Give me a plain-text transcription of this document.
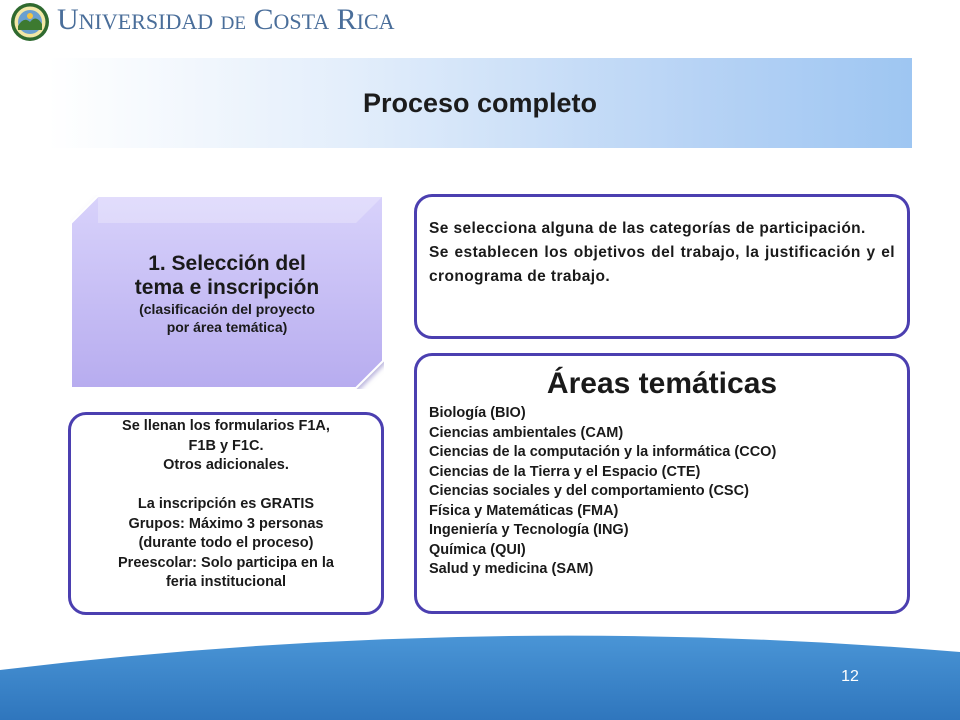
UNIVERSIDAD DE COSTA RICA
Proceso completo
1. Selección del
tema e inscripción
(clasificación del proyecto
por área temática)

Se selecciona alguna de las categorías de participación.

Se establecen los objetivos del trabajo, la justificación y el cronograma de trabajo.

Áreas temáticas
Biología (BIO)
Ciencias ambientales (CAM)
Ciencias de la computación y la informática (CCO)
Ciencias de la Tierra y el Espacio (CTE)
Ciencias sociales y del comportamiento (CSC)
Física y Matemáticas (FMA)
Ingeniería y Tecnología (ING)
Química (QUI)
Salud y medicina (SAM)
Se llenan los formularios F1A,
F1B y F1C.
Otros adicionales.
La inscripción es GRATIS
Grupos: Máximo 3 personas
(durante todo el proceso)
Preescolar: Solo participa en la
feria institucional
12
